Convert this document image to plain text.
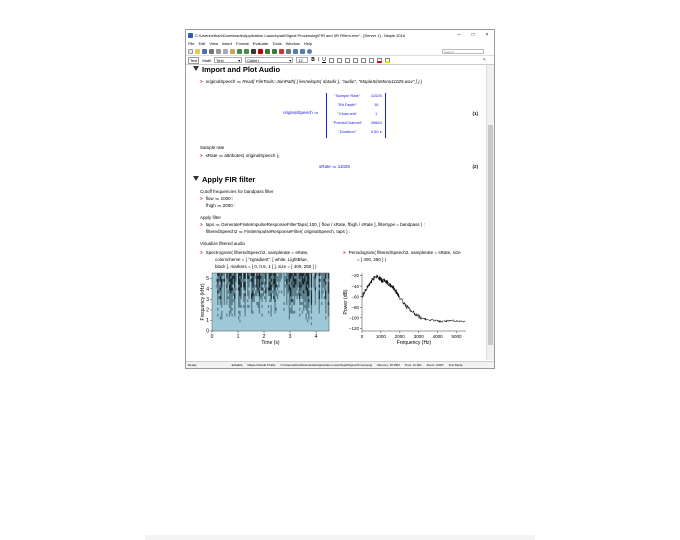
C:\Users\ethan\Downloads\Application Launchpad\Signal Processing\FIR and IIR Filters.mw* - [Server 1] - Maple 2016	–	□	×
File Edit View Insert Format Evaluate Tools Window Help
Search
Text	Math Text	▾ Calibri	▾ 12 B I U	«
Import and Plot Audio
> originalSpeech ≔ Read( FileTools:-JoinPath( [ kernelopts( datadir ), "audio", "MapleSimMono11025.wav" ] ) )
originalSpeech ≔
"Sample Rate"	11025
"Bit Depth"	16
"Channels"	1
"Points/Channel"	49664
"Duration"	4.50 s
(1)
Sample rate
> sRate ≔ attributes( originalSpeech )₁
sRate ≔ 11025	(2)
Apply FIR filter
Cutoff frequencies for bandpass filter
> flow ≔ 1000 :
fhigh ≔ 2000 :
Apply filter
> taps ≔ GenerateFiniteImpulseResponseFilterTaps( 100, [ flow / sRate, fhigh / sRate ], filtertype = bandpass ) :
filteredSpeech2 ≔ FiniteImpulseResponseFilter( originalSpeech, taps ) :
Visualize filtered audio
> Spectrogram( filteredSpeech2, samplerate = sRate,
colorscheme = [ "zgradient", [ white, LightBlue,
black ], markers = [ 0, 0.5, 1 ] ], size = [ 400, 250 ] )
> Periodogram( filteredSpeech2, samplerate = sRate, size
= [ 400, 250 ] )
0	1	2	3	4
0
1
2
3
4
5
Time (s)
Frequency (kHz)
0	1000 2000 3000 4000 5000
−20
−40
−60
−80
−100
−120
Frequency (Hz)
Power (dB)
Ready	Editable Maple Default Profile C:\Users\ethan\Downloads\Application Launchpad\Signal Processing Memory: 46.35M Time: 11.90s Zoom: 100% Text Mode
